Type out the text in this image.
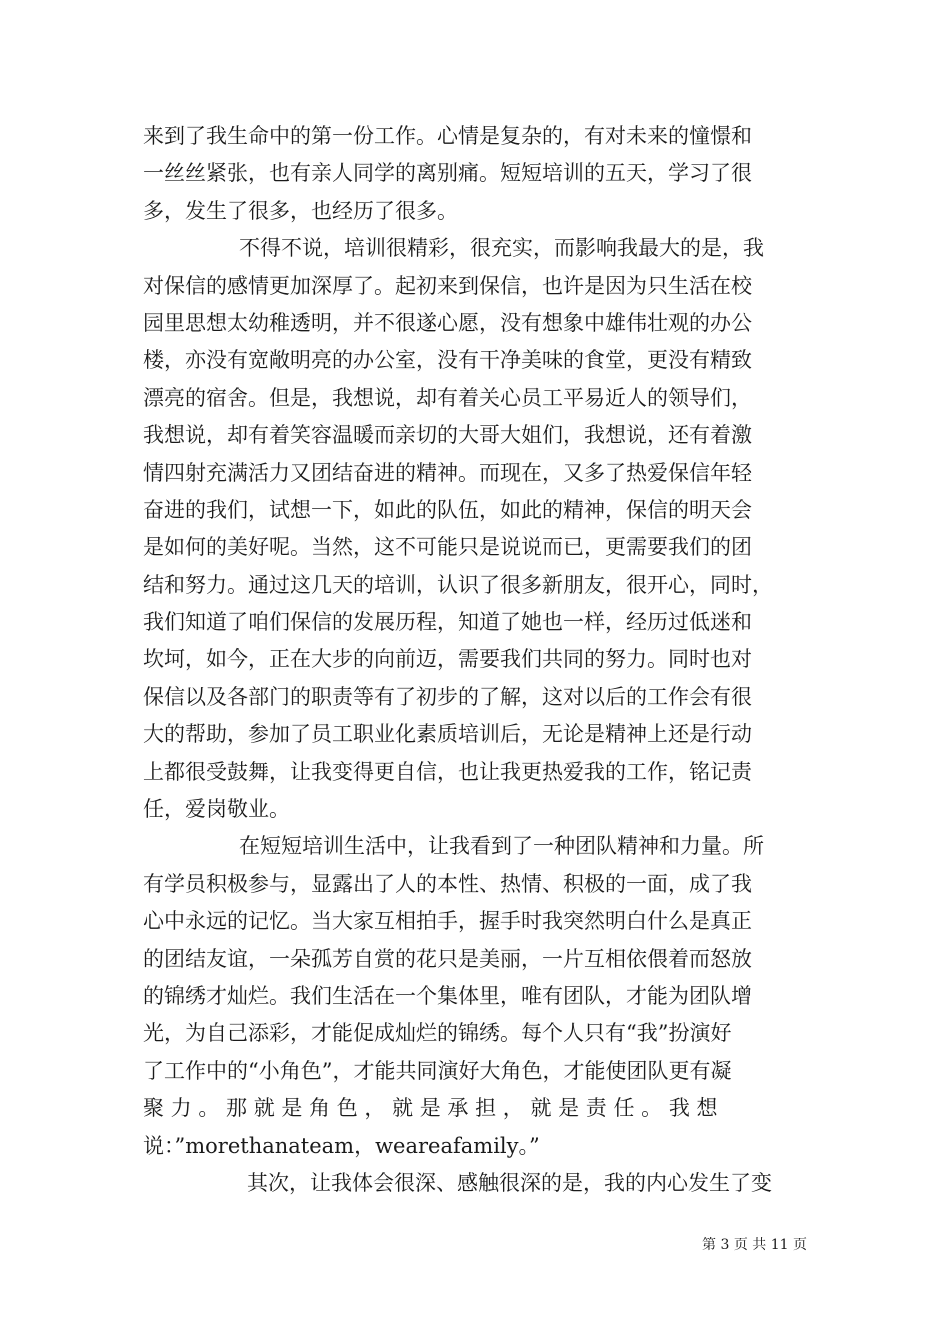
来到了我生命中的第一份工作。心情是复杂的，有对未来的憧憬和
一丝丝紧张，也有亲人同学的离别痛。短短培训的五天，学习了很
多，发生了很多，也经历了很多。
不得不说，培训很精彩，很充实，而影响我最大的是，我
对保信的感情更加深厚了。起初来到保信，也许是因为只生活在校
园里思想太幼稚透明，并不很遂心愿，没有想象中雄伟壮观的办公
楼，亦没有宽敞明亮的办公室，没有干净美味的食堂，更没有精致
漂亮的宿舍。但是，我想说，却有着关心员工平易近人的领导们，
我想说，却有着笑容温暖而亲切的大哥大姐们，我想说，还有着激
情四射充满活力又团结奋进的精神。而现在，又多了热爱保信年轻
奋进的我们，试想一下，如此的队伍，如此的精神，保信的明天会
是如何的美好呢。当然，这不可能只是说说而已，更需要我们的团
结和努力。通过这几天的培训，认识了很多新朋友，很开心，同时，
我们知道了咱们保信的发展历程，知道了她也一样，经历过低迷和
坎坷，如今，正在大步的向前迈，需要我们共同的努力。同时也对
保信以及各部门的职责等有了初步的了解，这对以后的工作会有很
大的帮助，参加了员工职业化素质培训后，无论是精神上还是行动
上都很受鼓舞，让我变得更自信，也让我更热爱我的工作，铭记责
任，爱岗敬业。
在短短培训生活中，让我看到了一种团队精神和力量。所
有学员积极参与，显露出了人的本性、热情、积极的一面，成了我
心中永远的记忆。当大家互相拍手，握手时我突然明白什么是真正
的团结友谊，一朵孤芳自赏的花只是美丽，一片互相依偎着而怒放
的锦绣才灿烂。我们生活在一个集体里，唯有团队，才能为团队增
光，为自己添彩，才能促成灿烂的锦绣。每个人只有“我”扮演好
了工作中的“小角色”，才能共同演好大角色，才能使团队更有凝
聚 力 。 那 就 是 角 色 ， 就 是 承 担 ， 就 是 责 任 。 我 想
说：”morethanateam，weareafamily。”
其次，让我体会很深、感触很深的是，我的内心发生了变
第 3 页 共 11 页
